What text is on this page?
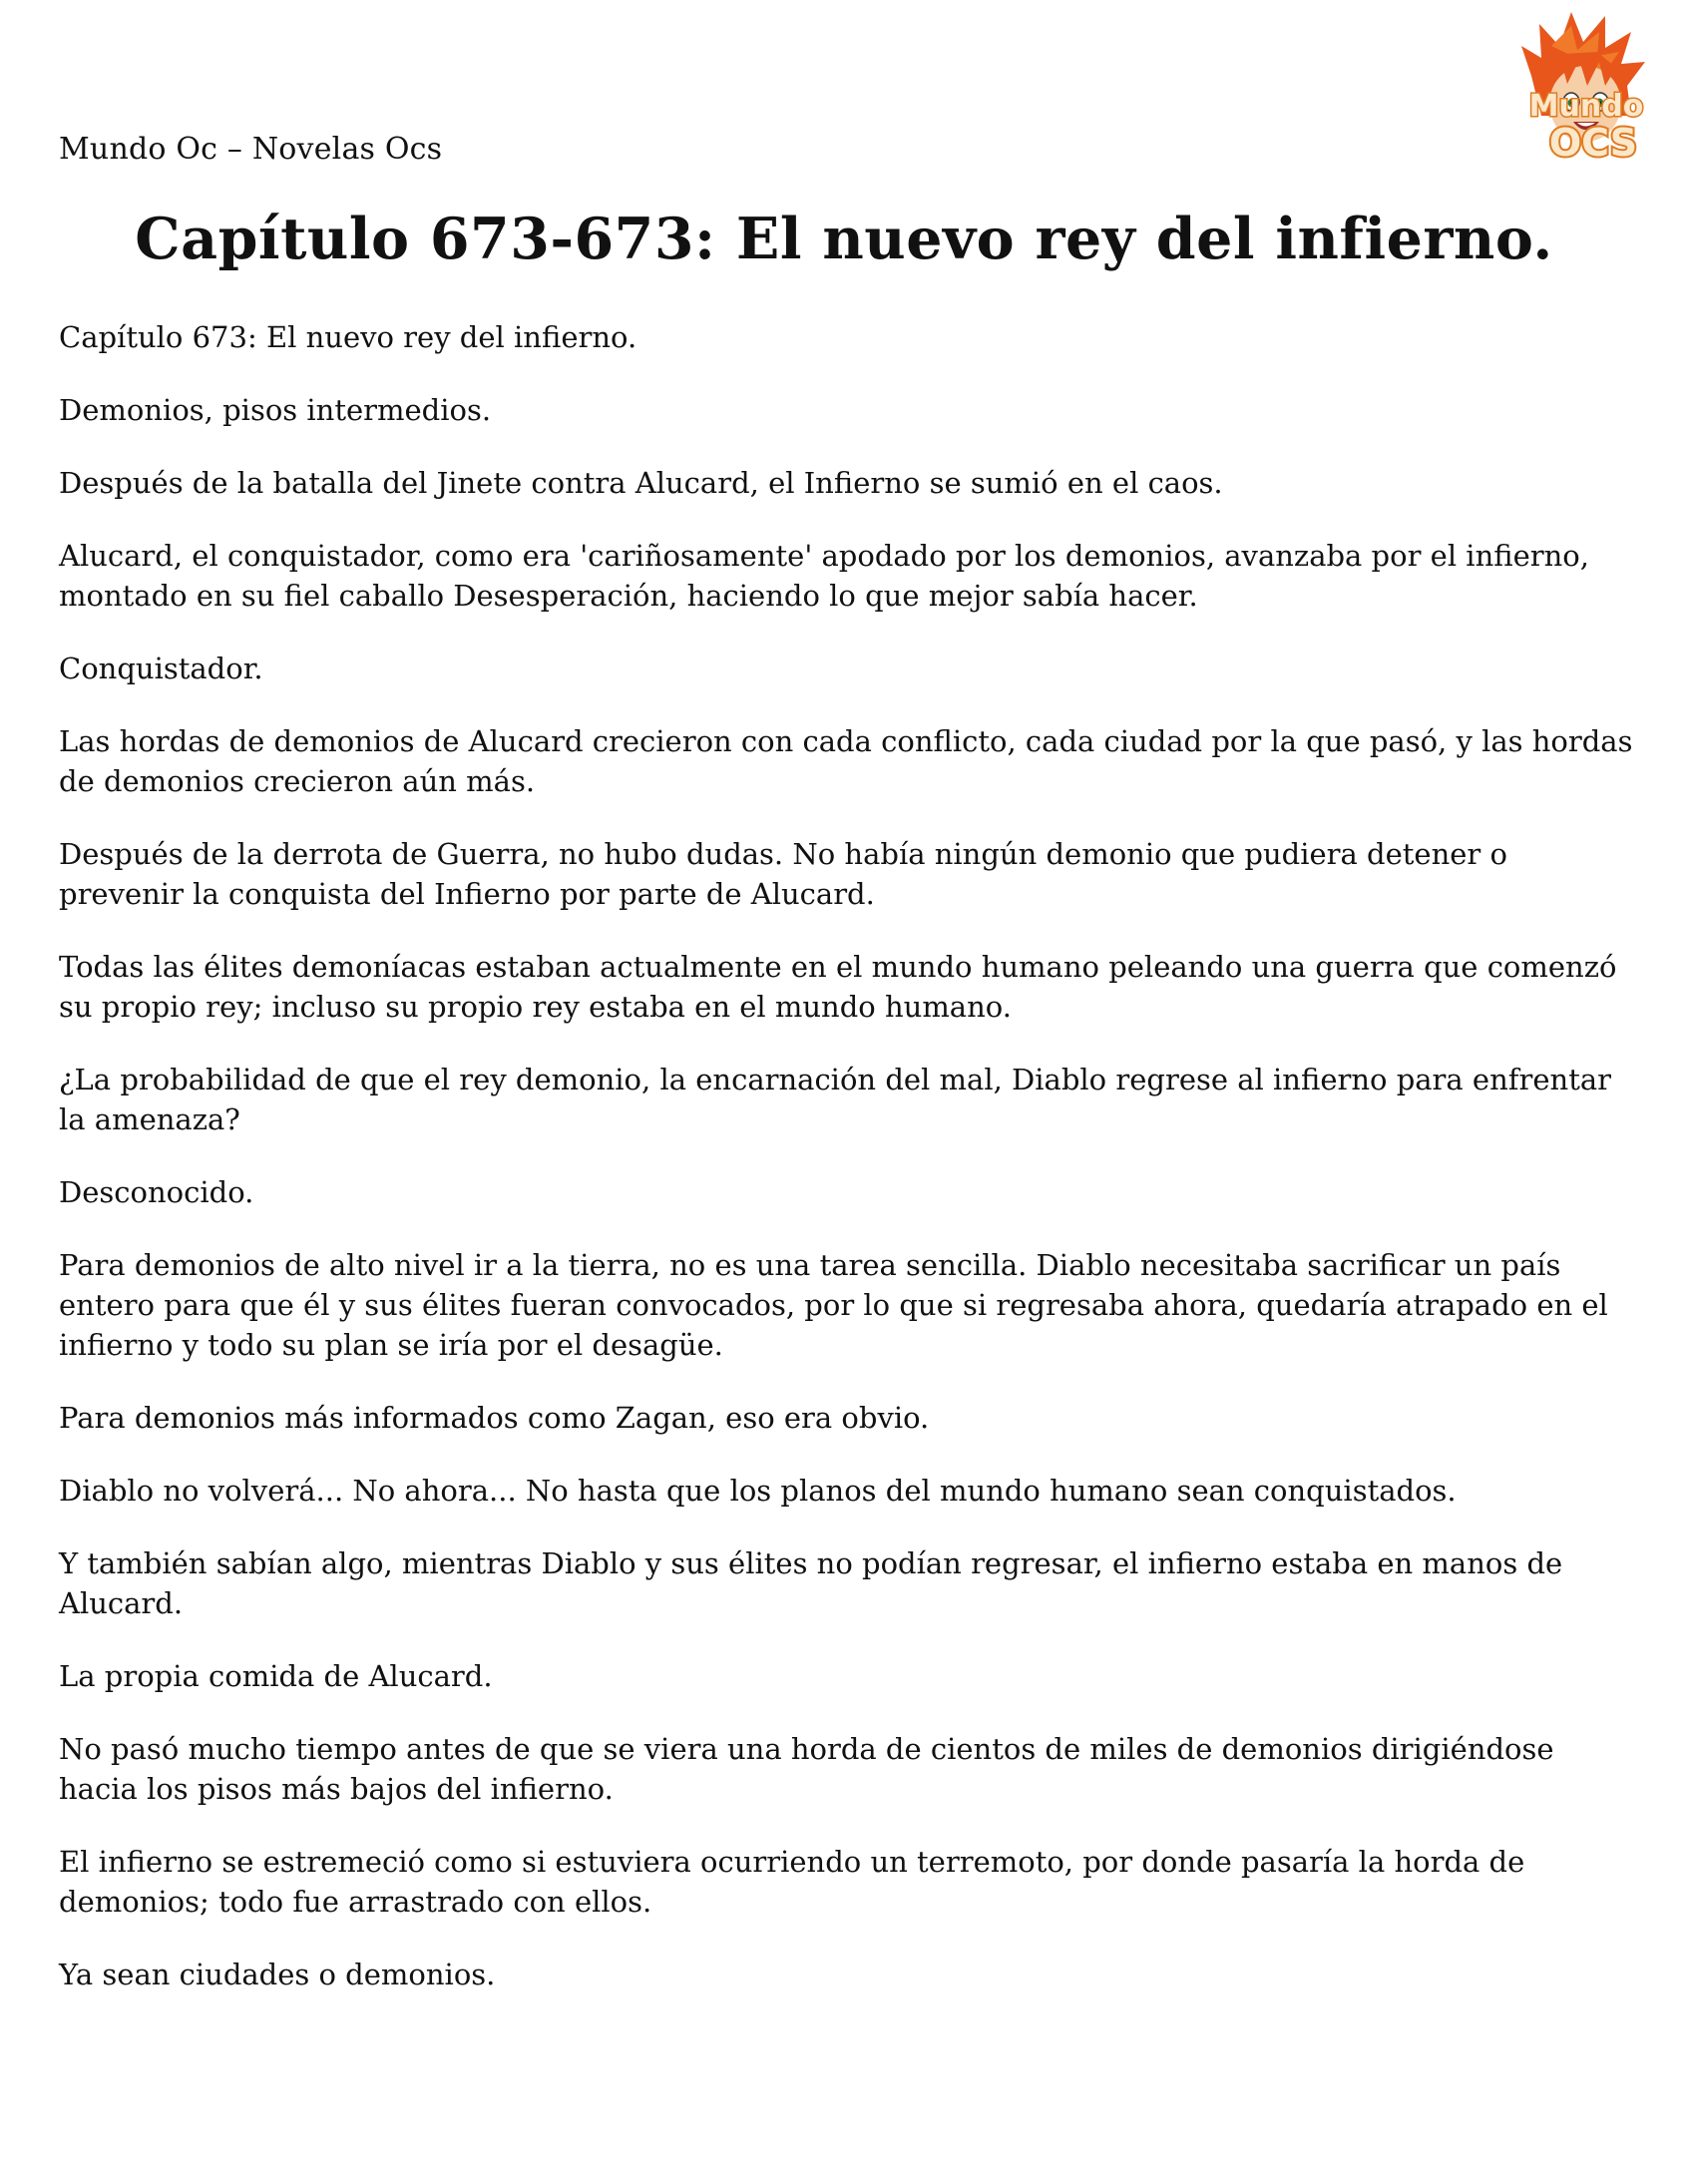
Mundo Oc – Novelas Ocs
Mundo
OCS
Capítulo 673-673: El nuevo rey del infierno.

Capítulo 673: El nuevo rey del infierno.

Demonios, pisos intermedios.

Después de la batalla del Jinete contra Alucard, el Infierno se sumió en el caos.

Alucard, el conquistador, como era 'cariñosamente' apodado por los demonios, avanzaba por el infierno, montado en su fiel caballo Desesperación, haciendo lo que mejor sabía hacer.

Conquistador.

Las hordas de demonios de Alucard crecieron con cada conflicto, cada ciudad por la que pasó, y las hordas de demonios crecieron aún más.

Después de la derrota de Guerra, no hubo dudas. No había ningún demonio que pudiera detener o prevenir la conquista del Infierno por parte de Alucard.

Todas las élites demoníacas estaban actualmente en el mundo humano peleando una guerra que comenzó su propio rey; incluso su propio rey estaba en el mundo humano.

¿La probabilidad de que el rey demonio, la encarnación del mal, Diablo regrese al infierno para enfrentar la amenaza?

Desconocido.

Para demonios de alto nivel ir a la tierra, no es una tarea sencilla. Diablo necesitaba sacrificar un país entero para que él y sus élites fueran convocados, por lo que si regresaba ahora, quedaría atrapado en el infierno y todo su plan se iría por el desagüe.

Para demonios más informados como Zagan, eso era obvio.

Diablo no volverá... No ahora... No hasta que los planos del mundo humano sean conquistados.

Y también sabían algo, mientras Diablo y sus élites no podían regresar, el infierno estaba en manos de Alucard.

La propia comida de Alucard.

No pasó mucho tiempo antes de que se viera una horda de cientos de miles de demonios dirigiéndose hacia los pisos más bajos del infierno.

El infierno se estremeció como si estuviera ocurriendo un terremoto, por donde pasaría la horda de demonios; todo fue arrastrado con ellos.

Ya sean ciudades o demonios.
